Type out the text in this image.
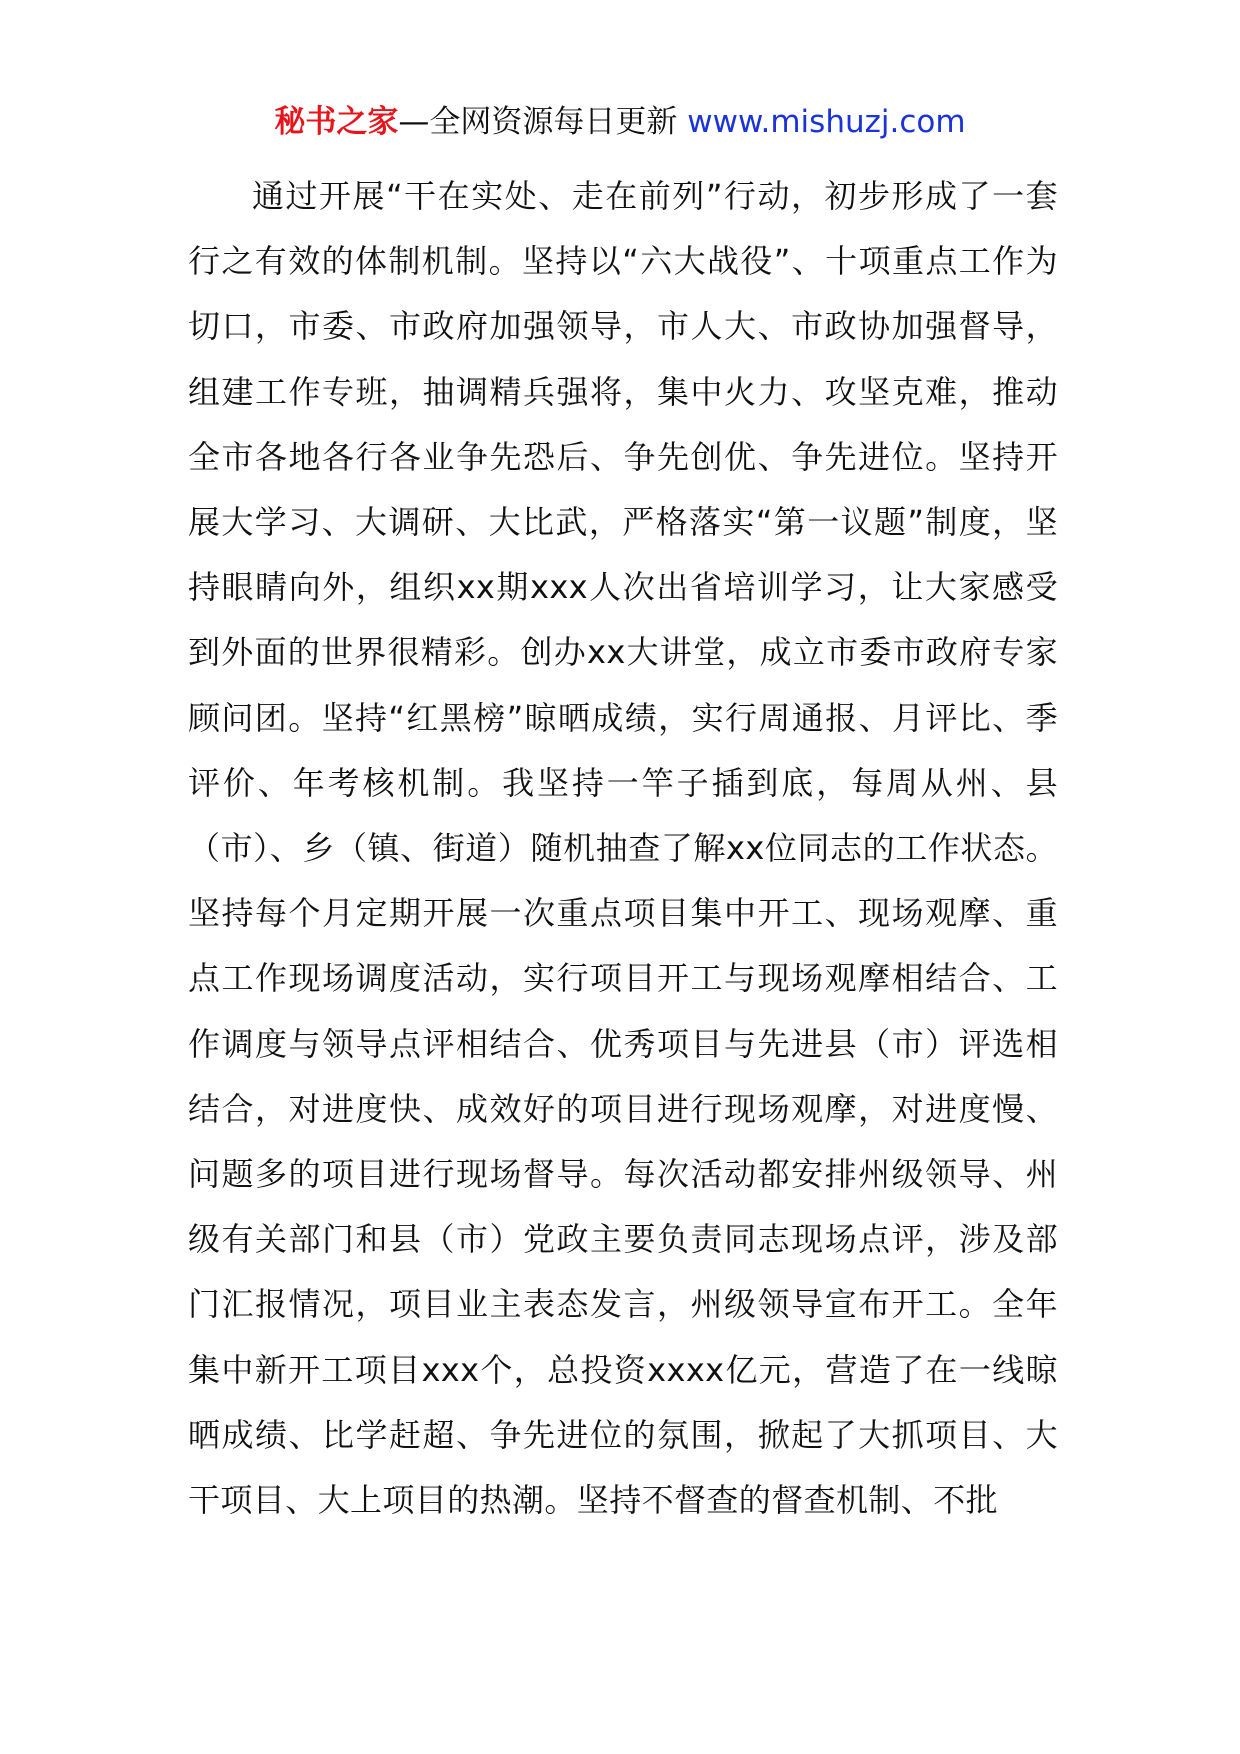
秘书之家—全网资源每日更新 www.mishuzj.com

通过开展“干在实处、走在前列”行动，初步形成了一套行之有效的体制机制。坚持以“六大战役”、十项重点工作为切口，市委、市政府加强领导，市人大、市政协加强督导，组建工作专班，抽调精兵强将，集中火力、攻坚克难，推动全市各地各行各业争先恐后、争先创优、争先进位。坚持开展大学习、大调研、大比武，严格落实“第一议题”制度，坚持眼睛向外，组织xx期xxx人次出省培训学习，让大家感受到外面的世界很精彩。创办xx大讲堂，成立市委市政府专家顾问团。坚持“红黑榜”晾晒成绩，实行周通报、月评比、季评价、年考核机制。我坚持一竿子插到底，每周从州、县（市）、乡（镇、街道）随机抽查了解xx位同志的工作状态。坚持每个月定期开展一次重点项目集中开工、现场观摩、重点工作现场调度活动，实行项目开工与现场观摩相结合、工作调度与领导点评相结合、优秀项目与先进县（市）评选相结合，对进度快、成效好的项目进行现场观摩，对进度慢、问题多的项目进行现场督导。每次活动都安排州级领导、州级有关部门和县（市）党政主要负责同志现场点评，涉及部门汇报情况，项目业主表态发言，州级领导宣布开工。全年集中新开工项目xxx个，总投资xxxx亿元，营造了在一线晾晒成绩、比学赶超、争先进位的氛围，掀起了大抓项目、大干项目、大上项目的热潮。坚持不督查的督查机制、不批
